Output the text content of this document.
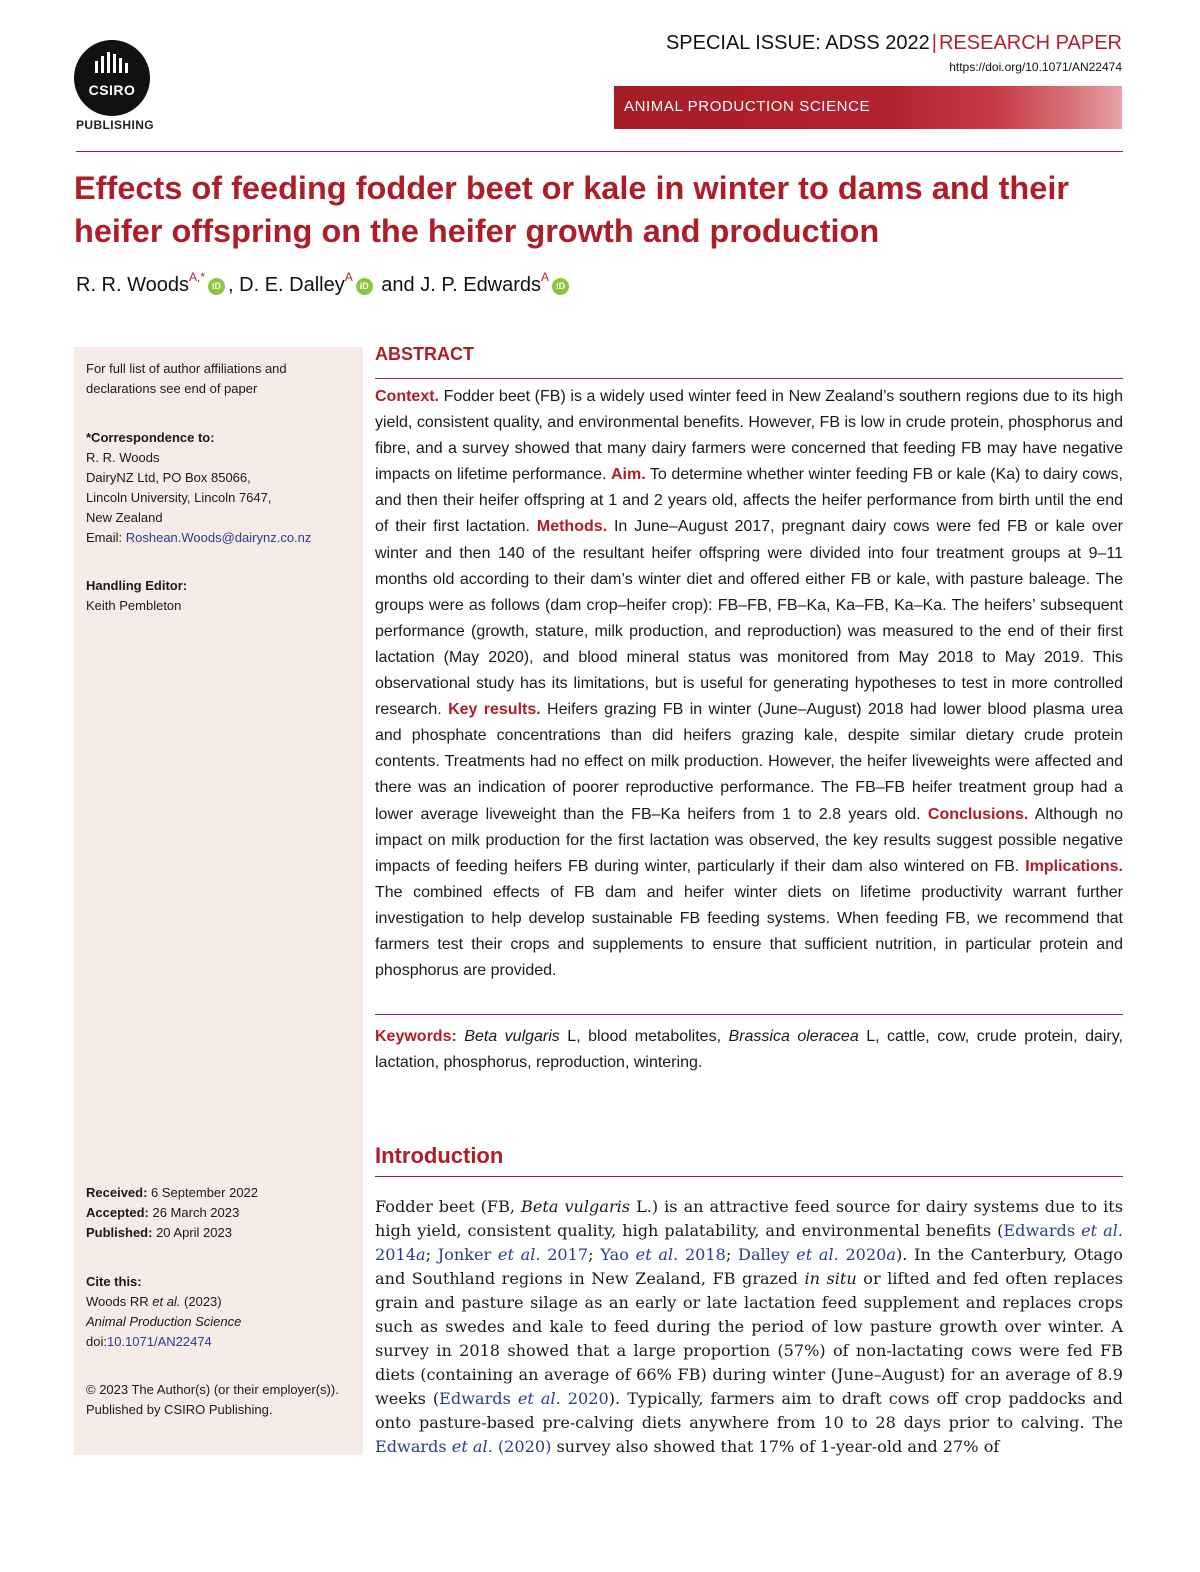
CSIRO
PUBLISHING
SPECIAL ISSUE: ADSS 2022 | RESEARCH PAPER
https://doi.org/10.1071/AN22474
ANIMAL PRODUCTION SCIENCE
Effects of feeding fodder beet or kale in winter to dams and their heifer offspring on the heifer growth and production
R. R. Woods$^{A,*}$iD , D. E. Dalley$^A$iD and J. P. Edwards$^A$iD
For full list of author affiliations and declarations see end of paper
*Correspondence to:
R. R. Woods
DairyNZ Ltd, PO Box 85066,
Lincoln University, Lincoln 7647,
New Zealand
Email: Roshean.Woods@dairynz.co.nz
Handling Editor:
Keith Pembleton
Received: 6 September 2022
Accepted: 26 March 2023
Published: 20 April 2023
Cite this:
Woods RR et al. (2023)
Animal Production Science
doi:10.1071/AN22474
© 2023 The Author(s) (or their employer(s)). Published by CSIRO Publishing.
ABSTRACT
Context. Fodder beet (FB) is a widely used winter feed in New Zealand’s southern regions due to its high yield, consistent quality, and environmental benefits. However, FB is low in crude protein, phosphorus and fibre, and a survey showed that many dairy farmers were concerned that feeding FB may have negative impacts on lifetime performance. Aim. To determine whether winter feeding FB or kale (Ka) to dairy cows, and then their heifer offspring at 1 and 2 years old, affects the heifer performance from birth until the end of their first lactation. Methods. In June–August 2017, pregnant dairy cows were fed FB or kale over winter and then 140 of the resultant heifer offspring were divided into four treatment groups at 9–11 months old according to their dam’s winter diet and offered either FB or kale, with pasture baleage. The groups were as follows (dam crop–heifer crop): FB–FB, FB–Ka, Ka–FB, Ka–Ka. The heifers’ subsequent performance (growth, stature, milk production, and reproduction) was measured to the end of their first lactation (May 2020), and blood mineral status was monitored from May 2018 to May 2019. This observational study has its limitations, but is useful for generating hypotheses to test in more controlled research. Key results. Heifers grazing FB in winter (June–August) 2018 had lower blood plasma urea and phosphate concentrations than did heifers grazing kale, despite similar dietary crude protein contents. Treatments had no effect on milk production. However, the heifer liveweights were affected and there was an indication of poorer reproductive performance. The FB–FB heifer treatment group had a lower average liveweight than the FB–Ka heifers from 1 to 2.8 years old. Conclusions. Although no impact on milk production for the first lactation was observed, the key results suggest possible negative impacts of feeding heifers FB during winter, particularly if their dam also wintered on FB. Implications. The combined effects of FB dam and heifer winter diets on lifetime productivity warrant further investigation to help develop sustainable FB feeding systems. When feeding FB, we recommend that farmers test their crops and supplements to ensure that sufficient nutrition, in particular protein and phosphorus are provided.
Keywords: Beta vulgaris L, blood metabolites, Brassica oleracea L, cattle, cow, crude protein, dairy, lactation, phosphorus, reproduction, wintering.
Introduction
Fodder beet (FB, Beta vulgaris L.) is an attractive feed source for dairy systems due to its high yield, consistent quality, high palatability, and environmental benefits (Edwards et al. 2014a; Jonker et al. 2017; Yao et al. 2018; Dalley et al. 2020a). In the Canterbury, Otago and Southland regions in New Zealand, FB grazed in situ or lifted and fed often replaces grain and pasture silage as an early or late lactation feed supplement and replaces crops such as swedes and kale to feed during the period of low pasture growth over winter. A survey in 2018 showed that a large proportion (57%) of non-lactating cows were fed FB diets (containing an average of 66% FB) during winter (June–August) for an average of 8.9 weeks (Edwards et al. 2020). Typically, farmers aim to draft cows off crop paddocks and onto pasture-based pre-calving diets anywhere from 10 to 28 days prior to calving. The Edwards et al. (2020) survey also showed that 17% of 1-year-old and 27% of
